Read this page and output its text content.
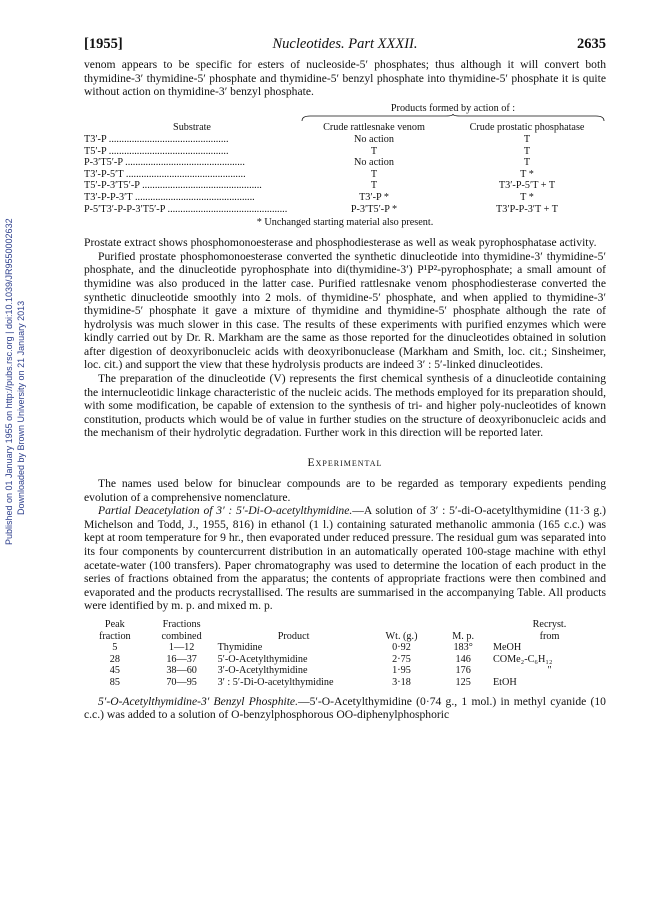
Published on 01 January 1955 on http://pubs.rsc.org | doi:10.1039/JR9550002632 Downloaded by Brown University on 21 January 2013
[1955]	Nucleotides. Part XXXII.	2635

venom appears to be specific for esters of nucleoside-5′ phosphates; thus although it will convert both thymidine-3′ thymidine-5′ phosphate and thymidine-5′ benzyl phosphate into thymidine-5′ phosphate it is quite without action on thymidine-3′ benzyl phosphate.

	Products formed by action of :	

Substrate	Crude rattlesnake venom	Crude prostatic phosphatase
T3′-P ...............................................	No action	T
T5′-P ...............................................	T	T
P-3′T5′-P ...............................................	No action	T
T3′-P-5′T ...............................................	T	T *
T5′-P-3′T5′-P ...............................................	T	T3′-P-5′T + T
T3′-P-P-3′T ...............................................	T3′-P *	T *
P-5′T3′-P-P-3′T5′-P ...............................................	P-3′T5′-P *	T3′P-P-3′T + T
* Unchanged starting material also present.

Prostate extract shows phosphomonoesterase and phosphodiesterase as well as weak pyrophosphatase activity.

Purified prostate phosphomonoesterase converted the synthetic dinucleotide into thymidine-3′ thymidine-5′ phosphate, and the dinucleotide pyrophosphate into di(thymidine-3′) P¹P²-pyrophosphate; a small amount of thymidine was also produced in the latter case. Purified rattlesnake venom phosphodiesterase converted the synthetic dinucleotide smoothly into 2 mols. of thymidine-5′ phosphate, and when applied to thymidine-3′ thymidine-5′ phosphate it gave a mixture of thymidine and thymidine-5′ phosphate although the rate of hydrolysis was much slower in this case. The results of these experiments with purified enzymes which were kindly carried out by Dr. R. Markham are the same as those reported for the dinucleotides obtained in solution after digestion of deoxyribonucleic acids with deoxyribonuclease (Markham and Smith, loc. cit.; Sinsheimer, loc. cit.) and support the view that these hydrolysis products are indeed 3′ : 5′-linked dinucleotides.

The preparation of the dinucleotide (V) represents the first chemical synthesis of a dinucleotide containing the internucleotidic linkage characteristic of the nucleic acids. The methods employed for its preparation should, with some modification, be capable of extension to the synthesis of tri- and higher poly-nucleotides of known constitution, products which would be of value in further studies on the structure of deoxyribonucleic acids and the mechanism of their hydrolytic degradation. Further work in this direction will be reported later.

Experimental

The names used below for binuclear compounds are to be regarded as temporary expedients pending evolution of a comprehensive nomenclature.

Partial Deacetylation of 3′ : 5′-Di-O-acetylthymidine.—A solution of 3′ : 5′-di-O-acetylthymidine (11·3 g.) Michelson and Todd, J., 1955, 816) in ethanol (1 l.) containing saturated methanolic ammonia (165 c.c.) was kept at room temperature for 9 hr., then evaporated under reduced pressure. The residual gum was separated into its four components by countercurrent distribution in an automatically operated 100-stage machine with ethyl acetate-water (100 transfers). Paper chromatography was used to determine the location of each product in the series of fractions obtained from the apparatus; the contents of appropriate fractions were then combined and evaporated and the products recrystallised. The results are summarised in the accompanying Table. All products were identified by m. p. and mixed m. p.

Peak	Fractions				Recryst.
fraction	combined	Product	Wt. (g.)	M. p.	from
5	1—12	Thymidine	0·92	183°	MeOH
28	16—37	5′-O-Acetylthymidine	2·75	146	COMe₂-C₆H₁₂
45	38—60	3′-O-Acetylthymidine	1·95	176	"
85	70—95	3′ : 5′-Di-O-acetylthymidine	3·18	125	EtOH

5′-O-Acetylthymidine-3′ Benzyl Phosphite.—5′-O-Acetylthymidine (0·74 g., 1 mol.) in methyl cyanide (10 c.c.) was added to a solution of O-benzylphosphorous OO-diphenylphosphoric
